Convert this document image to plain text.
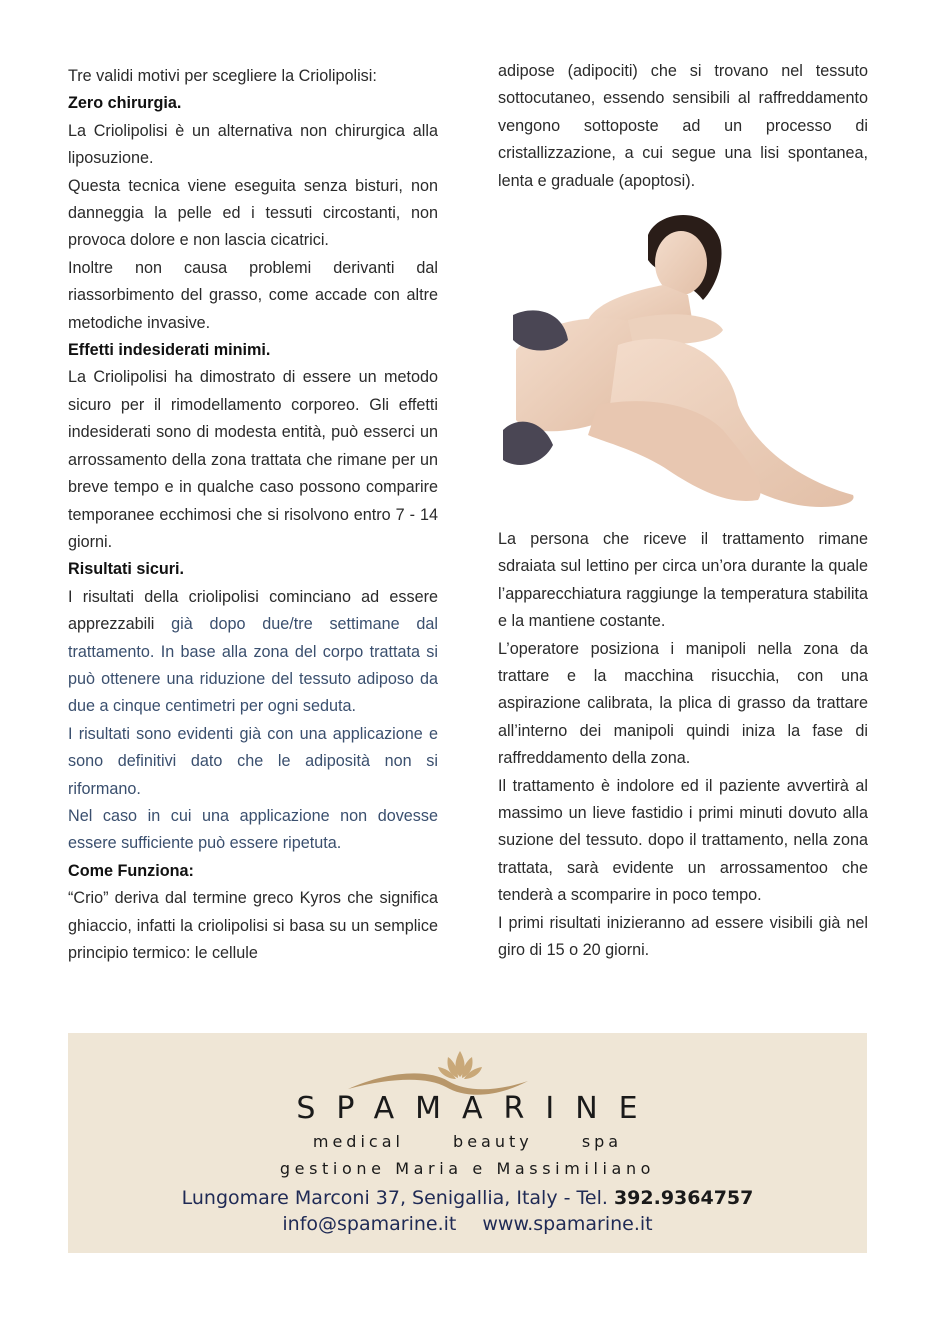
Tre validi motivi per scegliere la Criolipolisi:

Zero chirurgia.

La Criolipolisi è un alternativa non chirurgica alla liposuzione.

Questa tecnica viene eseguita senza bisturi, non danneggia la pelle ed i tessuti circostanti, non provoca dolore e non lascia cicatrici.

Inoltre non causa problemi derivanti dal riassorbimento del grasso, come accade con altre metodiche invasive.

Effetti indesiderati minimi.

La Criolipolisi ha dimostrato di essere un metodo sicuro per il rimodellamento corporeo. Gli effetti indesiderati sono di modesta entità, può esserci un arrossamento della zona trattata che rimane per un breve tempo e in qualche caso possono comparire temporanee ecchimosi che si risolvono entro 7 - 14 giorni.

Risultati sicuri.

I risultati della criolipolisi cominciano ad essere apprezzabili già dopo due/tre settimane dal trattamento. In base alla zona del corpo trattata si può ottenere una riduzione del tessuto adiposo da due a cinque centimetri per ogni seduta.

I risultati sono evidenti già con una applicazione e sono definitivi dato che le adiposità non si riformano.

Nel caso in cui una applicazione non dovesse essere sufficiente può essere ripetuta.

Come Funziona:

“Crio” deriva dal termine greco Kyros che significa ghiaccio, infatti la criolipolisi si basa su un semplice principio termico: le cellule

adipose (adipociti) che si trovano nel tessuto sottocutaneo, essendo sensibili al raffreddamento vengono sottoposte ad un processo di cristallizzazione, a cui segue una lisi spontanea, lenta e graduale (apoptosi).

La persona che riceve il trattamento rimane sdraiata sul lettino per circa un’ora durante la quale l’apparecchiatura raggiunge la temperatura stabilita e la mantiene costante.

L’operatore posiziona i manipoli nella zona da trattare e la macchina risucchia, con una aspirazione calibrata, la plica di grasso da trattare all’interno dei manipoli quindi iniza la fase di raffreddamento della zona.

Il trattamento è indolore ed il paziente avvertirà al massimo un lieve fastidio i primi minuti dovuto alla suzione del tessuto. dopo il trattamento, nella zona trattata, sarà evidente un arrossamentoo che tenderà a scomparire in poco tempo.

I primi risultati inizieranno ad essere visibili già nel giro di 15 o 20 giorni.

SPAMARINE
medical beauty spa
gestione Maria e Massimiliano
Lungomare Marconi 37, Senigallia, Italy - Tel. 392.9364757
info@spamarine.it www.spamarine.it
